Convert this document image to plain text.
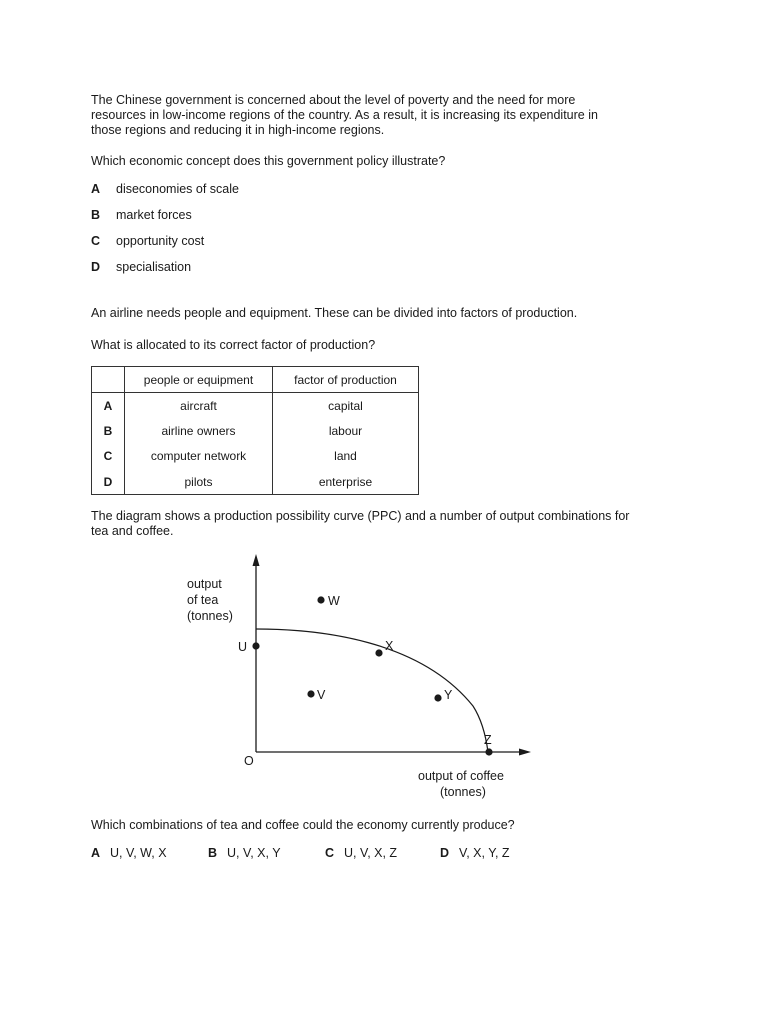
The Chinese government is concerned about the level of poverty and the need for more
resources in low-income regions of the country. As a result, it is increasing its expenditure in
those regions and reducing it in high-income regions.
Which economic concept does this government policy illustrate?
A diseconomies of scale
B market forces
C opportunity cost
D specialisation
An airline needs people and equipment. These can be divided into factors of production.
What is allocated to its correct factor of production?
	people or equipment	factor of production
A	aircraft	capital
B	airline owners	labour
C	computer network	land
D	pilots	enterprise
The diagram shows a production possibility curve (PPC) and a number of output combinations for
tea and coffee.
output
of tea
(tonnes)
output of coffee
(tonnes)
O
U
W
X
V	Y
Z
Which combinations of tea and coffee could the economy currently produce?
A U, V, W, X	B U, V, X, Y	C U, V, X, Z	D V, X, Y, Z
